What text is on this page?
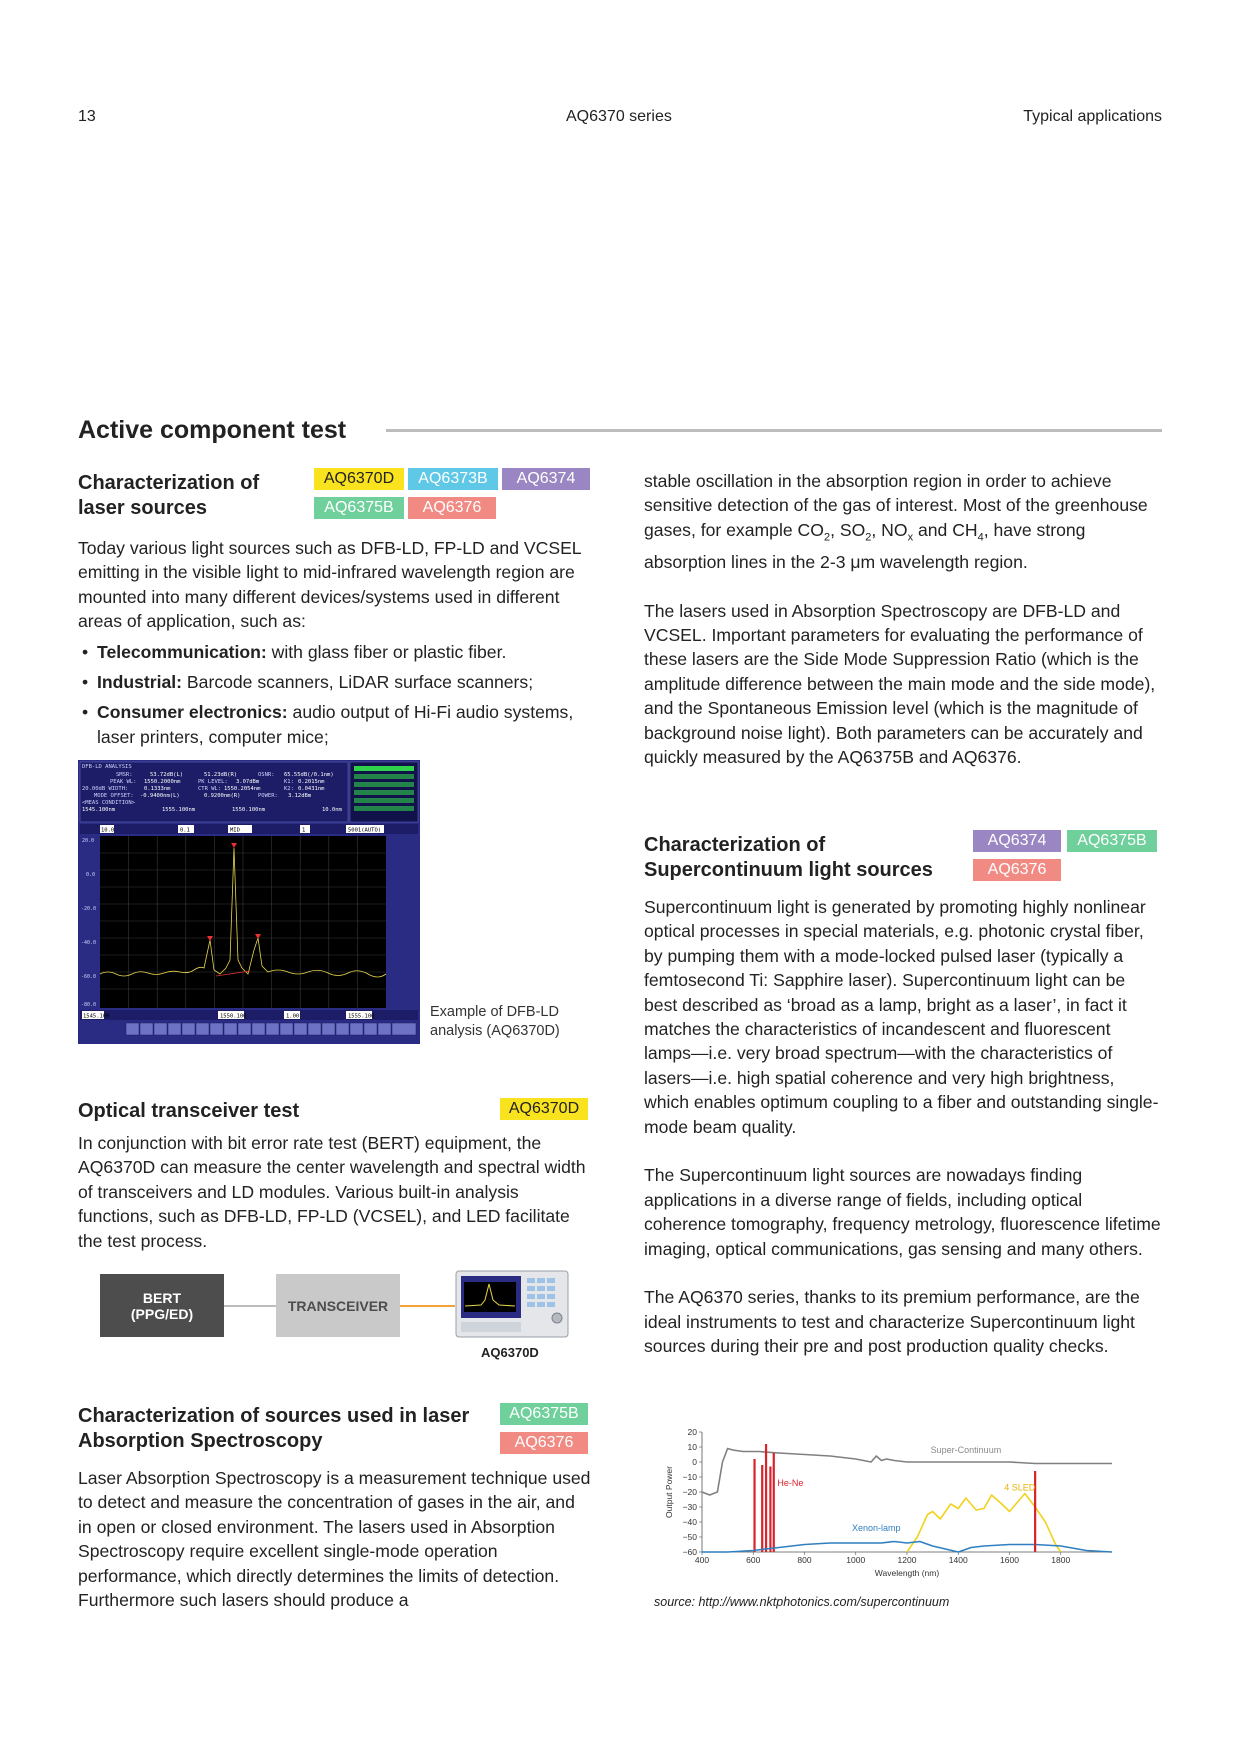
13	AQ6370 series	Typical applications
Active component test
Characterization of
laser sources
AQ6370D	AQ6373B	AQ6374
AQ6375B	AQ6376

Today various light sources such as DFB-LD, FP-LD and VCSEL emitting in the visible light to mid-infrared wavelength region are mounted into many different devices/systems used in different areas of application, such as:

• Telecommunication: with glass fiber or plastic fiber.
• Industrial: Barcode scanners, LiDAR surface scanners;
• Consumer electronics: audio output of Hi-Fi audio systems, laser printers, computer mice;
DFB-LD ANALYSIS
SMSR:	53.72dB(L)	51.23dB(R)	OSNR: 65.55dB(/0.1nm)
PEAK WL: 1550.2000nm	PK LEVEL: 3.07dBm	K1: 0.2015nm
20.00dB WIDTH:	0.1333nm	CTR WL: 1550.2054nm	K2: 0.0431nm
MODE OFFSET: -0.9400nm(L)	0.9200nm(R)	POWER: 3.12dBm
<MEAS CONDITION>
1545.100nm	1555.100nm	1550.100nm	10.0nm
10.0	0.1	MID	1	5001(AUTO)
20.0
0.0
-20.0
-40.0
-60.0
-80.0
1545.100	1550.100	1.00	1555.100	Example of DFB-LD
analysis (AQ6370D)
Optical transceiver test	AQ6370D
In conjunction with bit error rate test (BERT) equipment, the AQ6370D can measure the center wavelength and spectral width of transceivers and LD modules. Various built-in analysis functions, such as DFB-LD, FP-LD (VCSEL), and LED facilitate the test process.
BERT
(PPG/ED)	TRANSCEIVER
AQ6370D
Characterization of sources used in laser
Absorption Spectroscopy
AQ6375B
AQ6376
Laser Absorption Spectroscopy is a measurement technique used to detect and measure the concentration of gases in the air, and in open or closed environment. The lasers used in Absorption Spectroscopy require excellent single-mode operation performance, which directly determines the limits of detection. Furthermore such lasers should produce a

stable oscillation in the absorption region in order to achieve sensitive detection of the gas of interest. Most of the greenhouse gases, for example $CO_2$, $SO_2$, $NO_x$ and $CH_4$, have strong absorption lines in the 2-3 μm wavelength region.

The lasers used in Absorption Spectroscopy are DFB-LD and VCSEL. Important parameters for evaluating the performance of these lasers are the Side Mode Suppression Ratio (which is the amplitude difference between the main mode and the side mode), and the Spontaneous Emission level (which is the magnitude of background noise light). Both parameters can be accurately and quickly measured by the AQ6375B and AQ6376.

Characterization of
Supercontinuum light sources
AQ6374	AQ6375B
AQ6376

Supercontinuum light is generated by promoting highly nonlinear optical processes in special materials, e.g. photonic crystal fiber, by pumping them with a mode-locked pulsed laser (typically a femtosecond Ti: Sapphire laser). Supercontinuum light can be best described as ‘broad as a lamp, bright as a laser’, in fact it matches the characteristics of incandescent and fluorescent lamps—i.e. very broad spectrum—with the characteristics of lasers—i.e. high spatial coherence and very high brightness, which enables optimum coupling to a fiber and outstanding single-mode beam quality.

The Supercontinuum light sources are nowadays finding applications in a diverse range of fields, including optical coherence tomography, frequency metrology, fluorescence lifetime imaging, optical communications, gas sensing and many others.

The AQ6370 series, thanks to its premium performance, are the ideal instruments to test and characterize Supercontinuum light sources during their pre and post production quality checks.

20
10
0
−10
−20
−30
−40
−50
−60
400	600	800	1000	1200	1400	1600	1800
Wavelength (nm)
Output Power
Super-Continuum
He-Ne	4 SLED
Xenon-lamp
source: http://www.nktphotonics.com/supercontinuum
